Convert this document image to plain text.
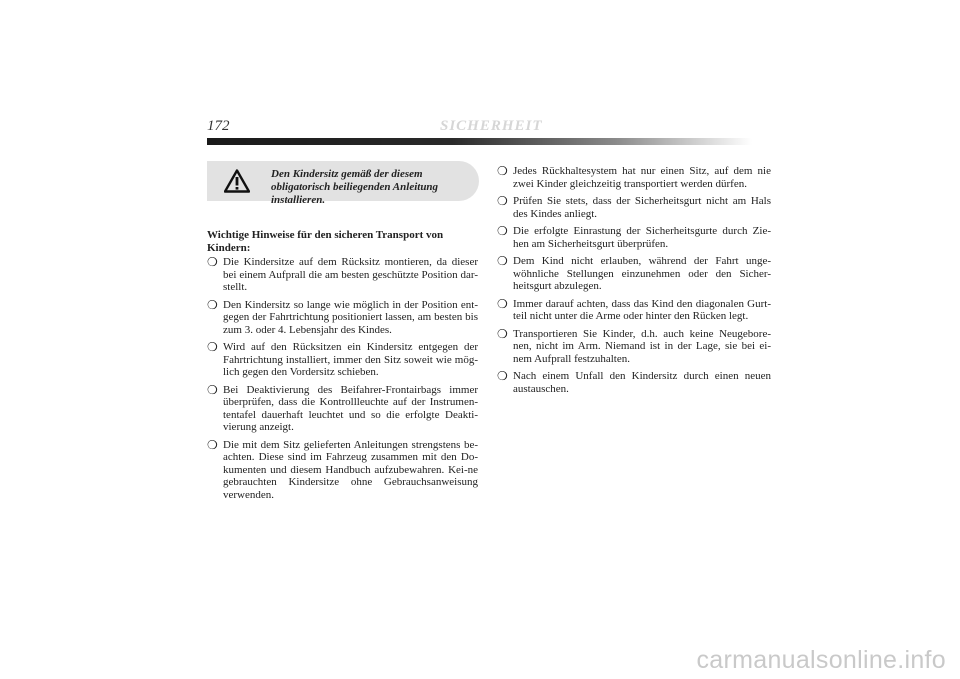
172	SICHERHEIT
Den Kindersitz gemäß der diesem obligatorisch beiliegenden Anleitung installieren.
Wichtige Hinweise für den sicheren Transport von Kindern:
❍ Die Kindersitze auf dem Rücksitz montieren, da dieser bei einem Aufprall die am besten geschützte Position dar-stellt.
❍ Den Kindersitz so lange wie möglich in der Position ent-gegen der Fahrtrichtung positioniert lassen, am besten bis zum 3. oder 4. Lebensjahr des Kindes.
❍ Wird auf den Rücksitzen ein Kindersitz entgegen der Fahrtrichtung installiert, immer den Sitz soweit wie mög-lich gegen den Vordersitz schieben.
❍ Bei Deaktivierung des Beifahrer-Frontairbags immer überprüfen, dass die Kontrollleuchte auf der Instrumen-tentafel dauerhaft leuchtet und so die erfolgte Deakti-vierung anzeigt.
❍ Die mit dem Sitz gelieferten Anleitungen strengstens be-achten. Diese sind im Fahrzeug zusammen mit den Do-kumenten und diesem Handbuch aufzubewahren. Kei-ne gebrauchten Kindersitze ohne Gebrauchsanweisung verwenden.
❍ Jedes Rückhaltesystem hat nur einen Sitz, auf dem nie zwei Kinder gleichzeitig transportiert werden dürfen.
❍ Prüfen Sie stets, dass der Sicherheitsgurt nicht am Hals des Kindes anliegt.
❍ Die erfolgte Einrastung der Sicherheitsgurte durch Zie-hen am Sicherheitsgurt überprüfen.
❍ Dem Kind nicht erlauben, während der Fahrt unge-wöhnliche Stellungen einzunehmen oder den Sicher-heitsgurt abzulegen.
❍ Immer darauf achten, dass das Kind den diagonalen Gurt-teil nicht unter die Arme oder hinter den Rücken legt.
❍ Transportieren Sie Kinder, d.h. auch keine Neugebore-nen, nicht im Arm. Niemand ist in der Lage, sie bei ei-nem Aufprall festzuhalten.
❍ Nach einem Unfall den Kindersitz durch einen neuen austauschen.
carmanualsonline.info
